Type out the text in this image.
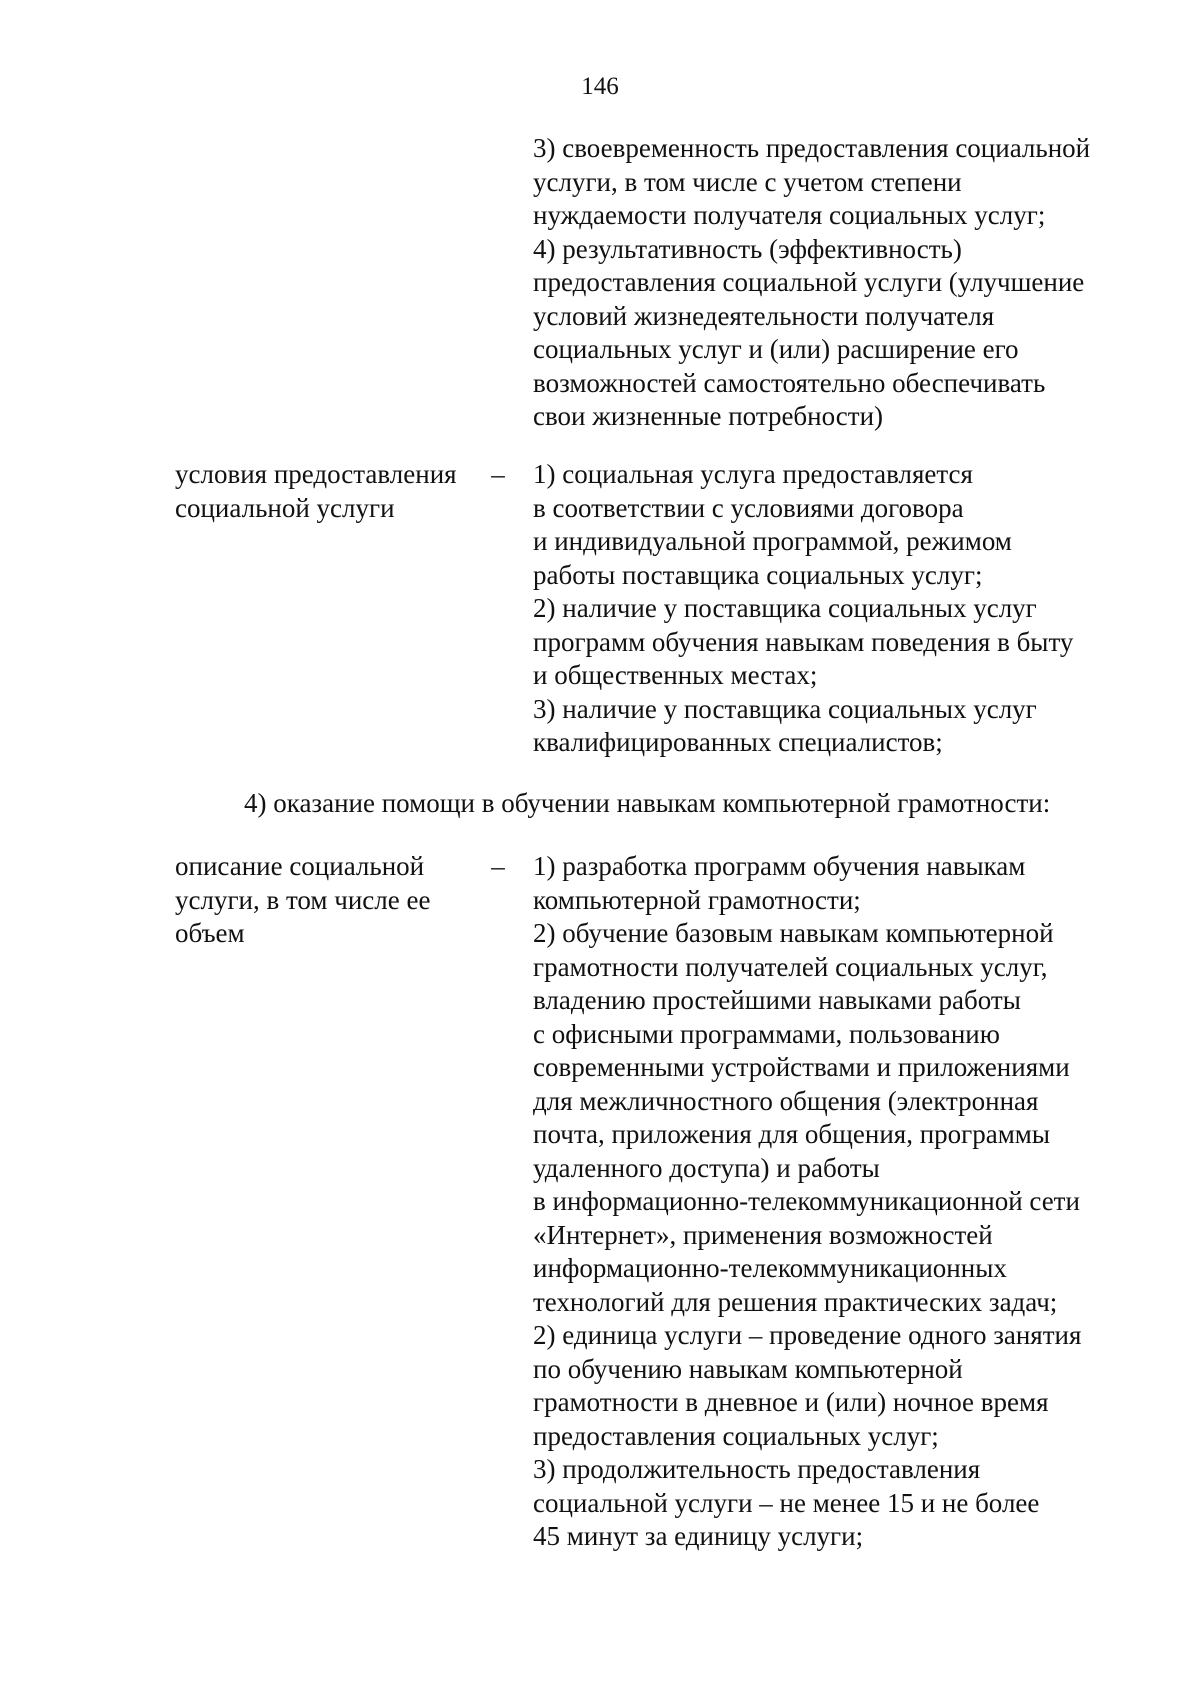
146
3) своевременность предоставления социальной
услуги, в том числе с учетом степени
нуждаемости получателя социальных услуг;
4) результативность (эффективность)
предоставления социальной услуги (улучшение
условий жизнедеятельности получателя
социальных услуг и (или) расширение его
возможностей самостоятельно обеспечивать
свои жизненные потребности)
условия предоставления
социальной услуги
– 1) социальная услуга предоставляется
в соответствии с условиями договора
и индивидуальной программой, режимом
работы поставщика социальных услуг;
2) наличие у поставщика социальных услуг
программ обучения навыкам поведения в быту
и общественных местах;
3) наличие у поставщика социальных услуг
квалифицированных специалистов;
4) оказание помощи в обучении навыкам компьютерной грамотности:
описание социальной
услуги, в том числе ее
объем
– 1) разработка программ обучения навыкам
компьютерной грамотности;
2) обучение базовым навыкам компьютерной
грамотности получателей социальных услуг,
владению простейшими навыками работы
с офисными программами, пользованию
современными устройствами и приложениями
для межличностного общения (электронная
почта, приложения для общения, программы
удаленного доступа) и работы
в информационно-телекоммуникационной сети
«Интернет», применения возможностей
информационно-телекоммуникационных
технологий для решения практических задач;
2) единица услуги – проведение одного занятия
по обучению навыкам компьютерной
грамотности в дневное и (или) ночное время
предоставления социальных услуг;
3) продолжительность предоставления
социальной услуги – не менее 15 и не более
45 минут за единицу услуги;
